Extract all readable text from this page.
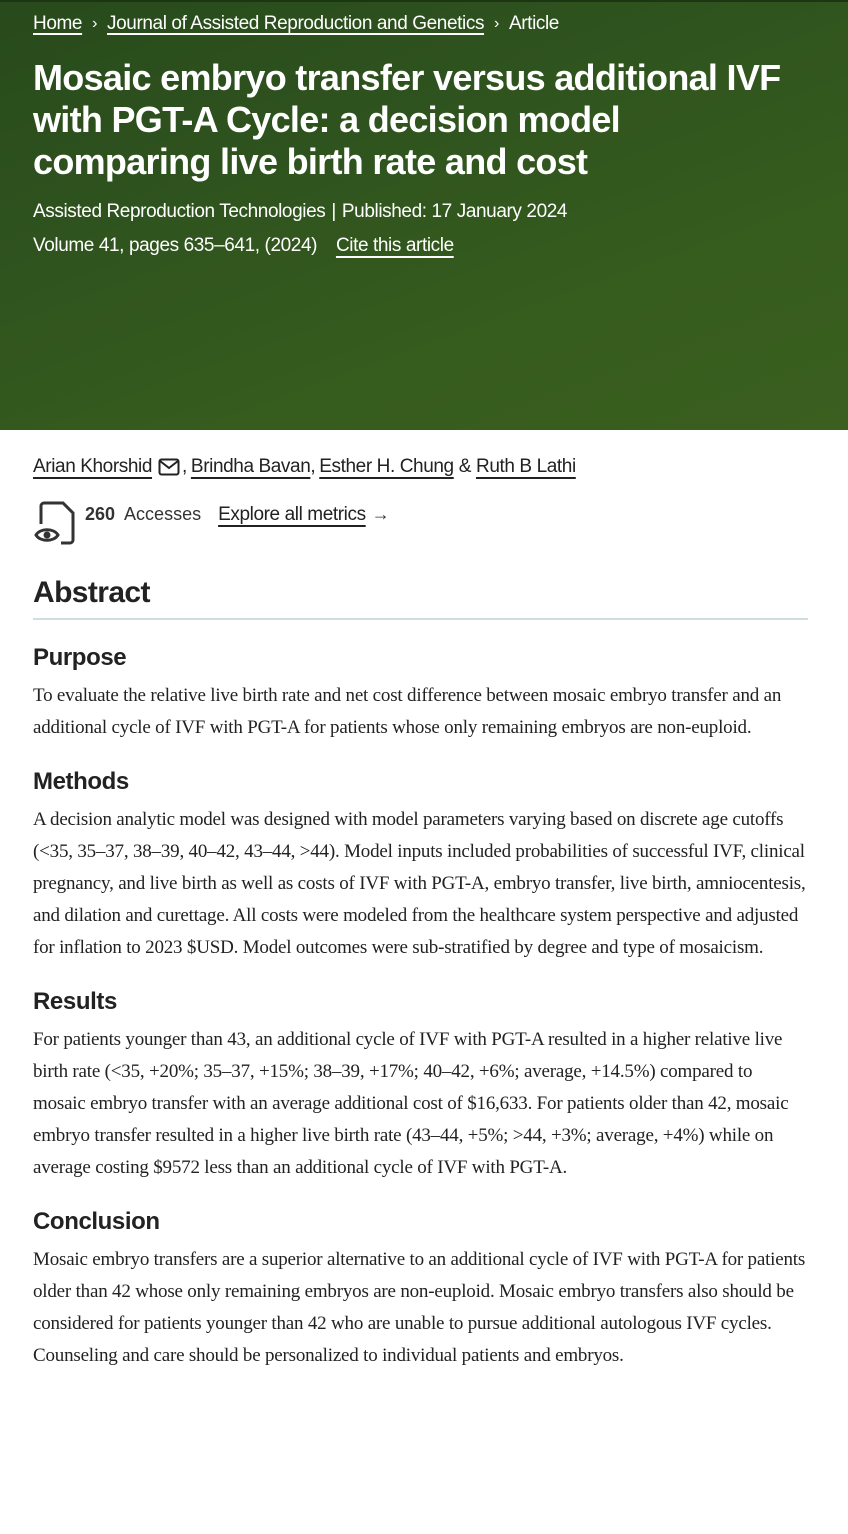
Home › Journal of Assisted Reproduction and Genetics › Article
Mosaic embryo transfer versus additional IVF with PGT-A Cycle: a decision model comparing live birth rate and cost
Assisted Reproduction Technologies | Published: 17 January 2024
Volume 41, pages 635–641, (2024) Cite this article
Arian Khorshid , Brindha Bavan , Esther H. Chung & Ruth B Lathi
260 Accesses Explore all metrics →
Abstract
Purpose

To evaluate the relative live birth rate and net cost difference between mosaic embryo transfer and an additional cycle of IVF with PGT-A for patients whose only remaining embryos are non-euploid.

Methods

A decision analytic model was designed with model parameters varying based on discrete age cutoffs (<35, 35–37, 38–39, 40–42, 43–44, >44). Model inputs included probabilities of successful IVF, clinical pregnancy, and live birth as well as costs of IVF with PGT-A, embryo transfer, live birth, amniocentesis, and dilation and curettage. All costs were modeled from the healthcare system perspective and adjusted for inflation to 2023 $USD. Model outcomes were sub-stratified by degree and type of mosaicism.

Results

For patients younger than 43, an additional cycle of IVF with PGT-A resulted in a higher relative live birth rate (<35, +20%; 35–37, +15%; 38–39, +17%; 40–42, +6%; average, +14.5%) compared to mosaic embryo transfer with an average additional cost of $16,633. For patients older than 42, mosaic embryo transfer resulted in a higher live birth rate (43–44, +5%; >44, +3%; average, +4%) while on average costing $9572 less than an additional cycle of IVF with PGT-A.

Conclusion

Mosaic embryo transfers are a superior alternative to an additional cycle of IVF with PGT-A for patients older than 42 whose only remaining embryos are non-euploid. Mosaic embryo transfers also should be considered for patients younger than 42 who are unable to pursue additional autologous IVF cycles. Counseling and care should be personalized to individual patients and embryos.
